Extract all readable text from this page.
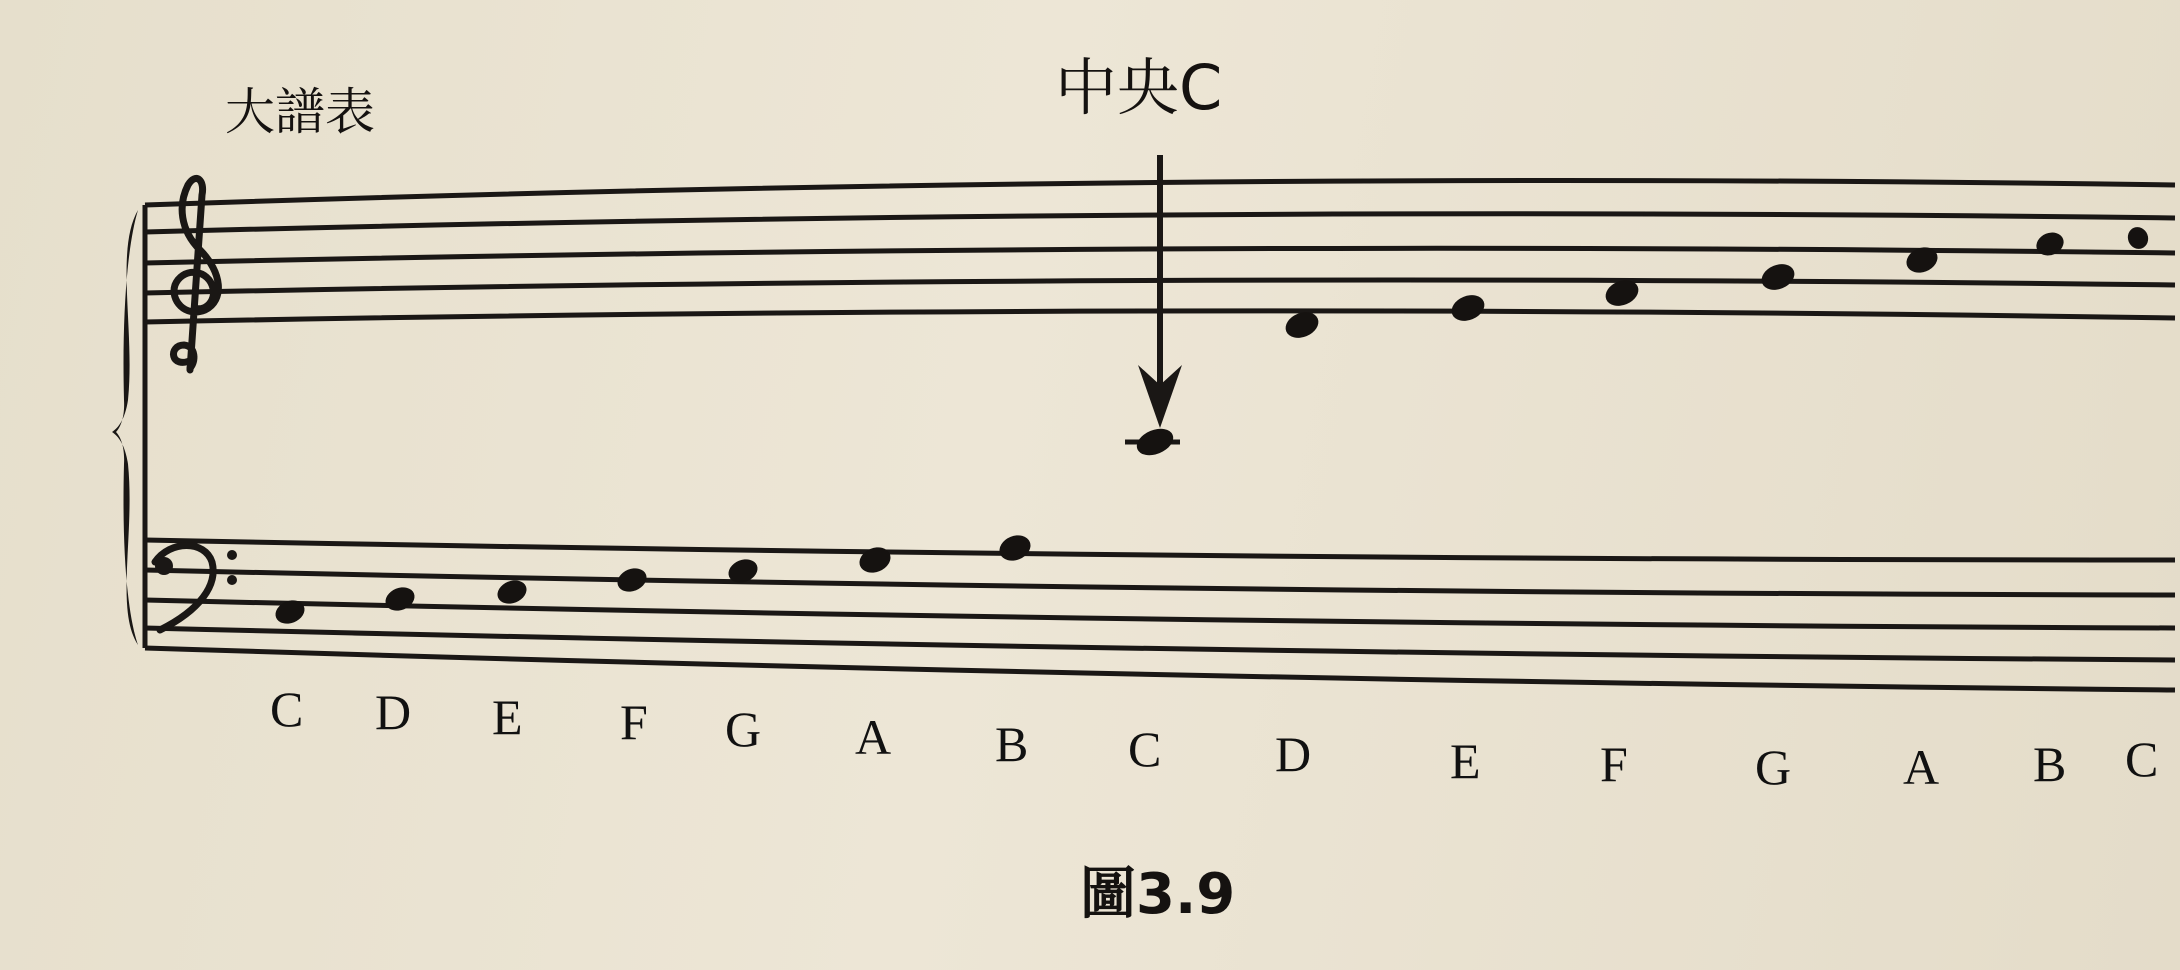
大譜表	中央C
C D E F G A B C D	E F	G A B C
圖3.9
